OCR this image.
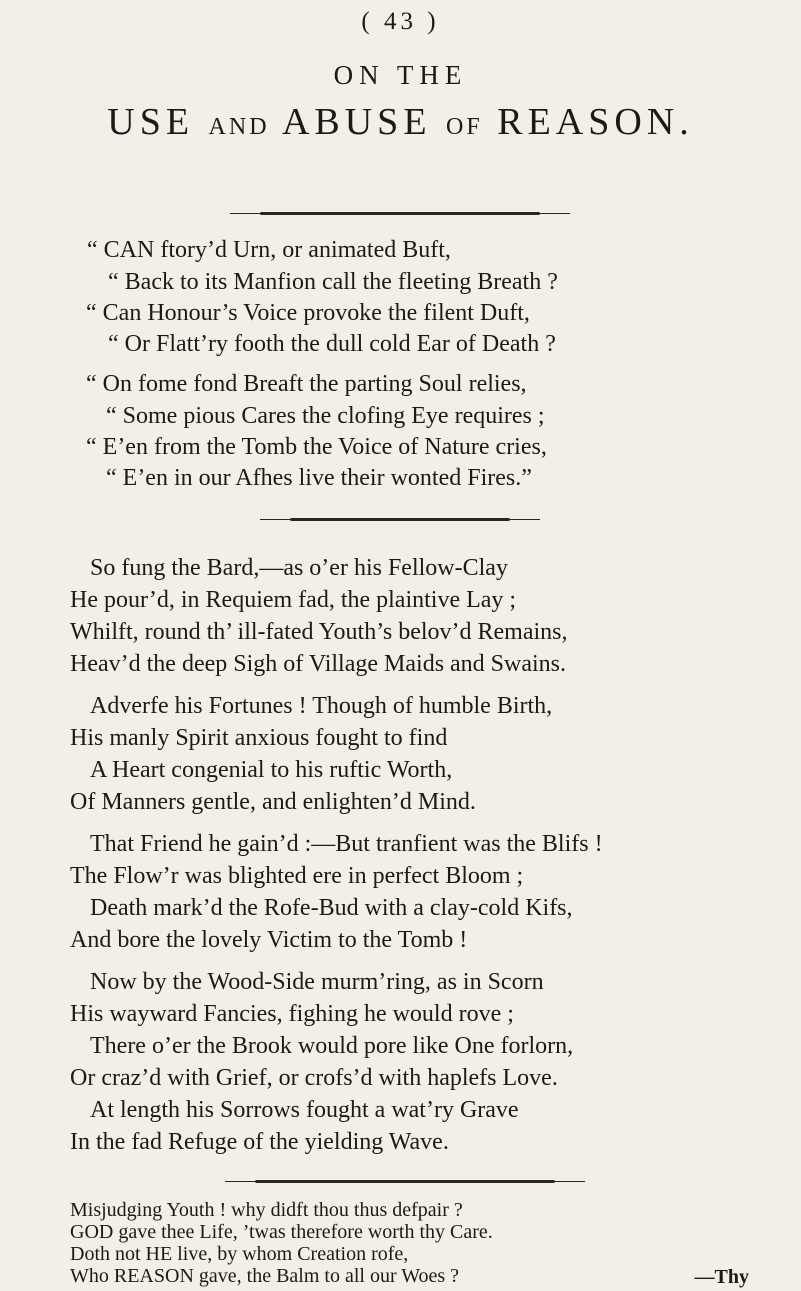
( 43 )
ON THE
USE AND ABUSE OF REASON.
“ CAN ftory’d Urn, or animated Buft,
“ Back to its Manfion call the fleeting Breath ?
“ Can Honour’s Voice provoke the filent Duft,
“ Or Flatt’ry footh the dull cold Ear of Death ?
“ On fome fond Breaft the parting Soul relies,
“ Some pious Cares the clofing Eye requires ;
“ E’en from the Tomb the Voice of Nature cries,
“ E’en in our Afhes live their wonted Fires.”
So fung the Bard,—as o’er his Fellow-Clay
He pour’d, in Requiem fad, the plaintive Lay ;
Whilft, round th’ ill-fated Youth’s belov’d Remains,
Heav’d the deep Sigh of Village Maids and Swains.
Adverfe his Fortunes ! Though of humble Birth,
His manly Spirit anxious fought to find
A Heart congenial to his ruftic Worth,
Of Manners gentle, and enlighten’d Mind.
That Friend he gain’d :—But tranfient was the Blifs !
The Flow’r was blighted ere in perfect Bloom ;
Death mark’d the Rofe-Bud with a clay-cold Kifs,
And bore the lovely Victim to the Tomb !
Now by the Wood-Side murm’ring, as in Scorn
His wayward Fancies, fighing he would rove ;
There o’er the Brook would pore like One forlorn,
Or craz’d with Grief, or crofs’d with haplefs Love.
At length his Sorrows fought a wat’ry Grave
In the fad Refuge of the yielding Wave.
Misjudging Youth ! why didft thou thus defpair ?
GOD gave thee Life, ’twas therefore worth thy Care.
Doth not HE live, by whom Creation rofe,
Who REASON gave, the Balm to all our Woes ?	—Thy
